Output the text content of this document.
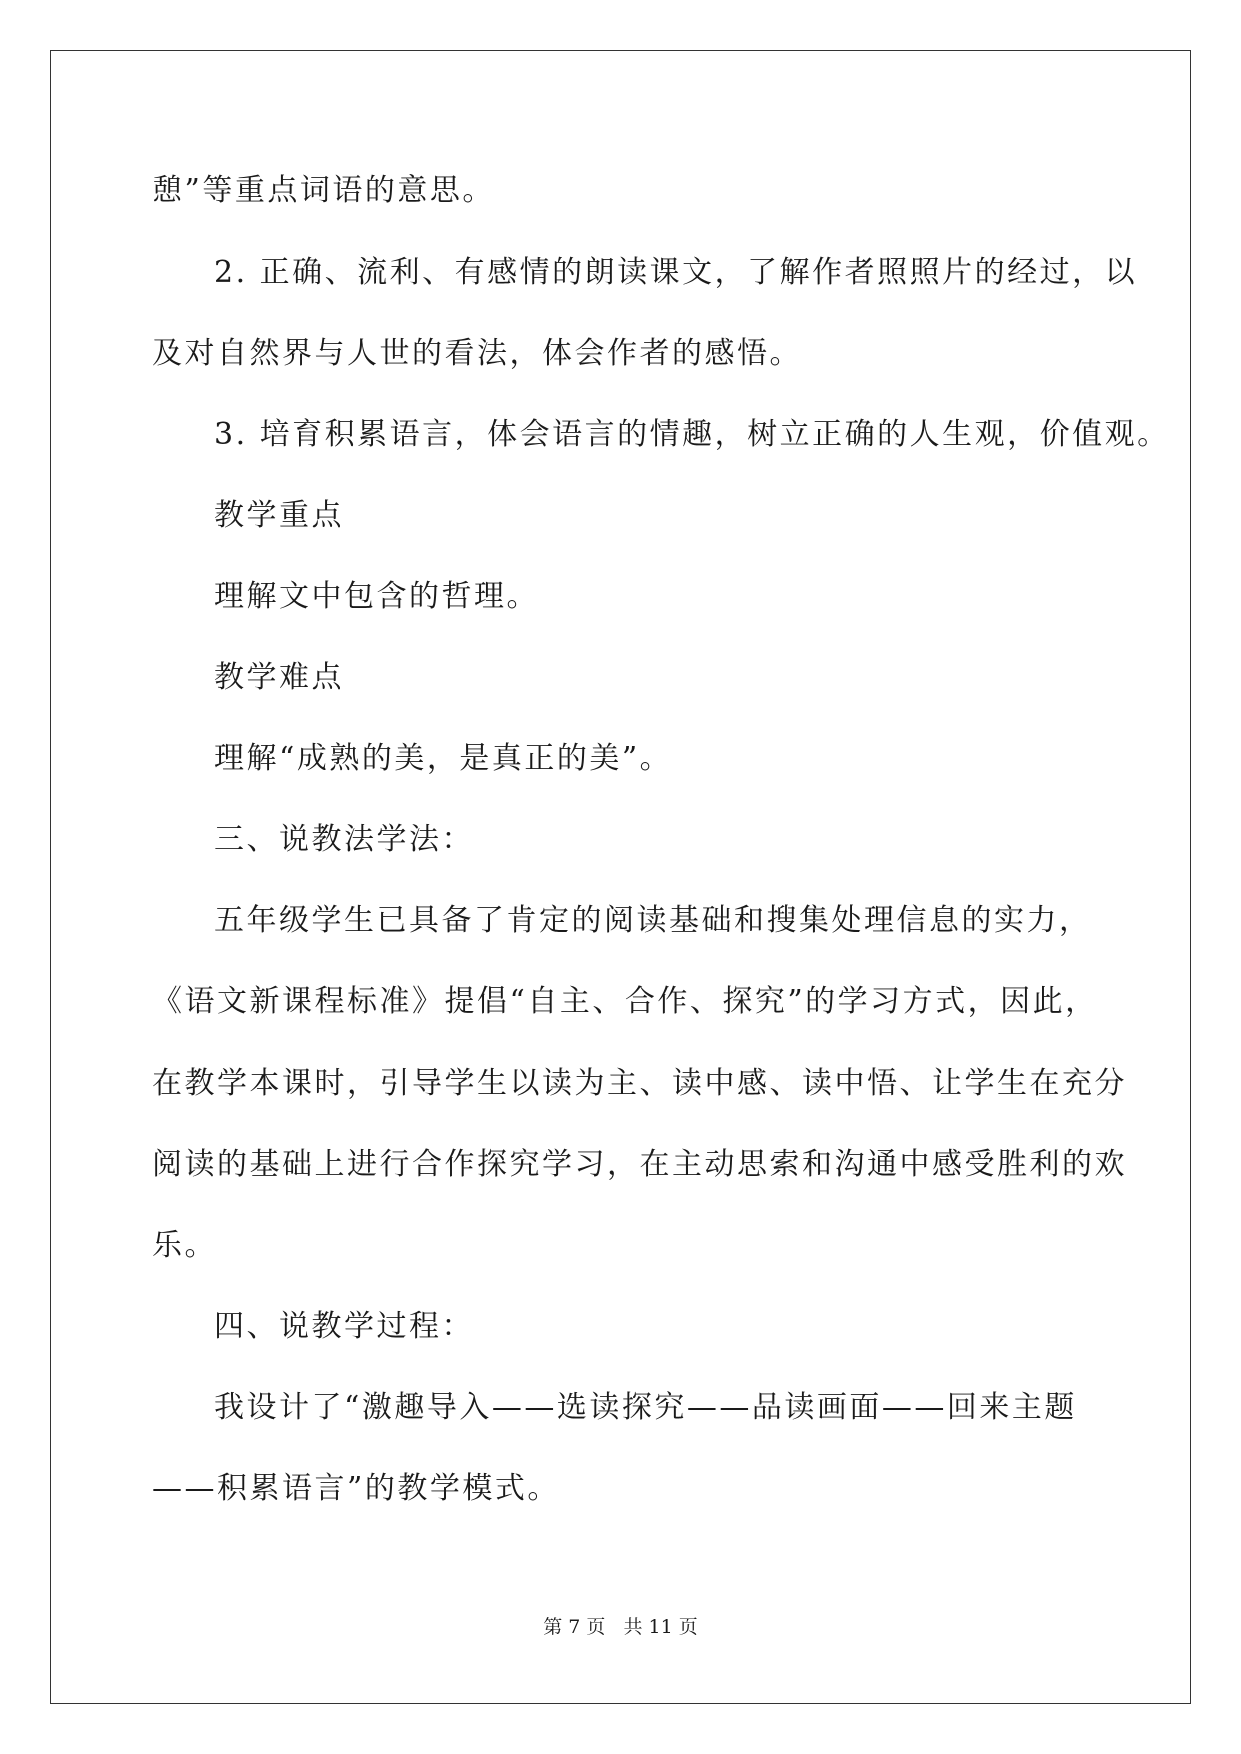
憩”等重点词语的意思。
2. 正确、流利、有感情的朗读课文，了解作者照照片的经过，以
及对自然界与人世的看法，体会作者的感悟。
3. 培育积累语言，体会语言的情趣，树立正确的人生观，价值观。
教学重点
理解文中包含的哲理。
教学难点
理解“成熟的美，是真正的美”。
三、说教法学法：
五年级学生已具备了肯定的阅读基础和搜集处理信息的实力，
《语文新课程标准》提倡“自主、合作、探究”的学习方式，因此，
在教学本课时，引导学生以读为主、读中感、读中悟、让学生在充分
阅读的基础上进行合作探究学习，在主动思索和沟通中感受胜利的欢
乐。
四、说教学过程：
我设计了“激趣导入——选读探究——品读画面——回来主题
——积累语言”的教学模式。
第 7 页   共 11 页
